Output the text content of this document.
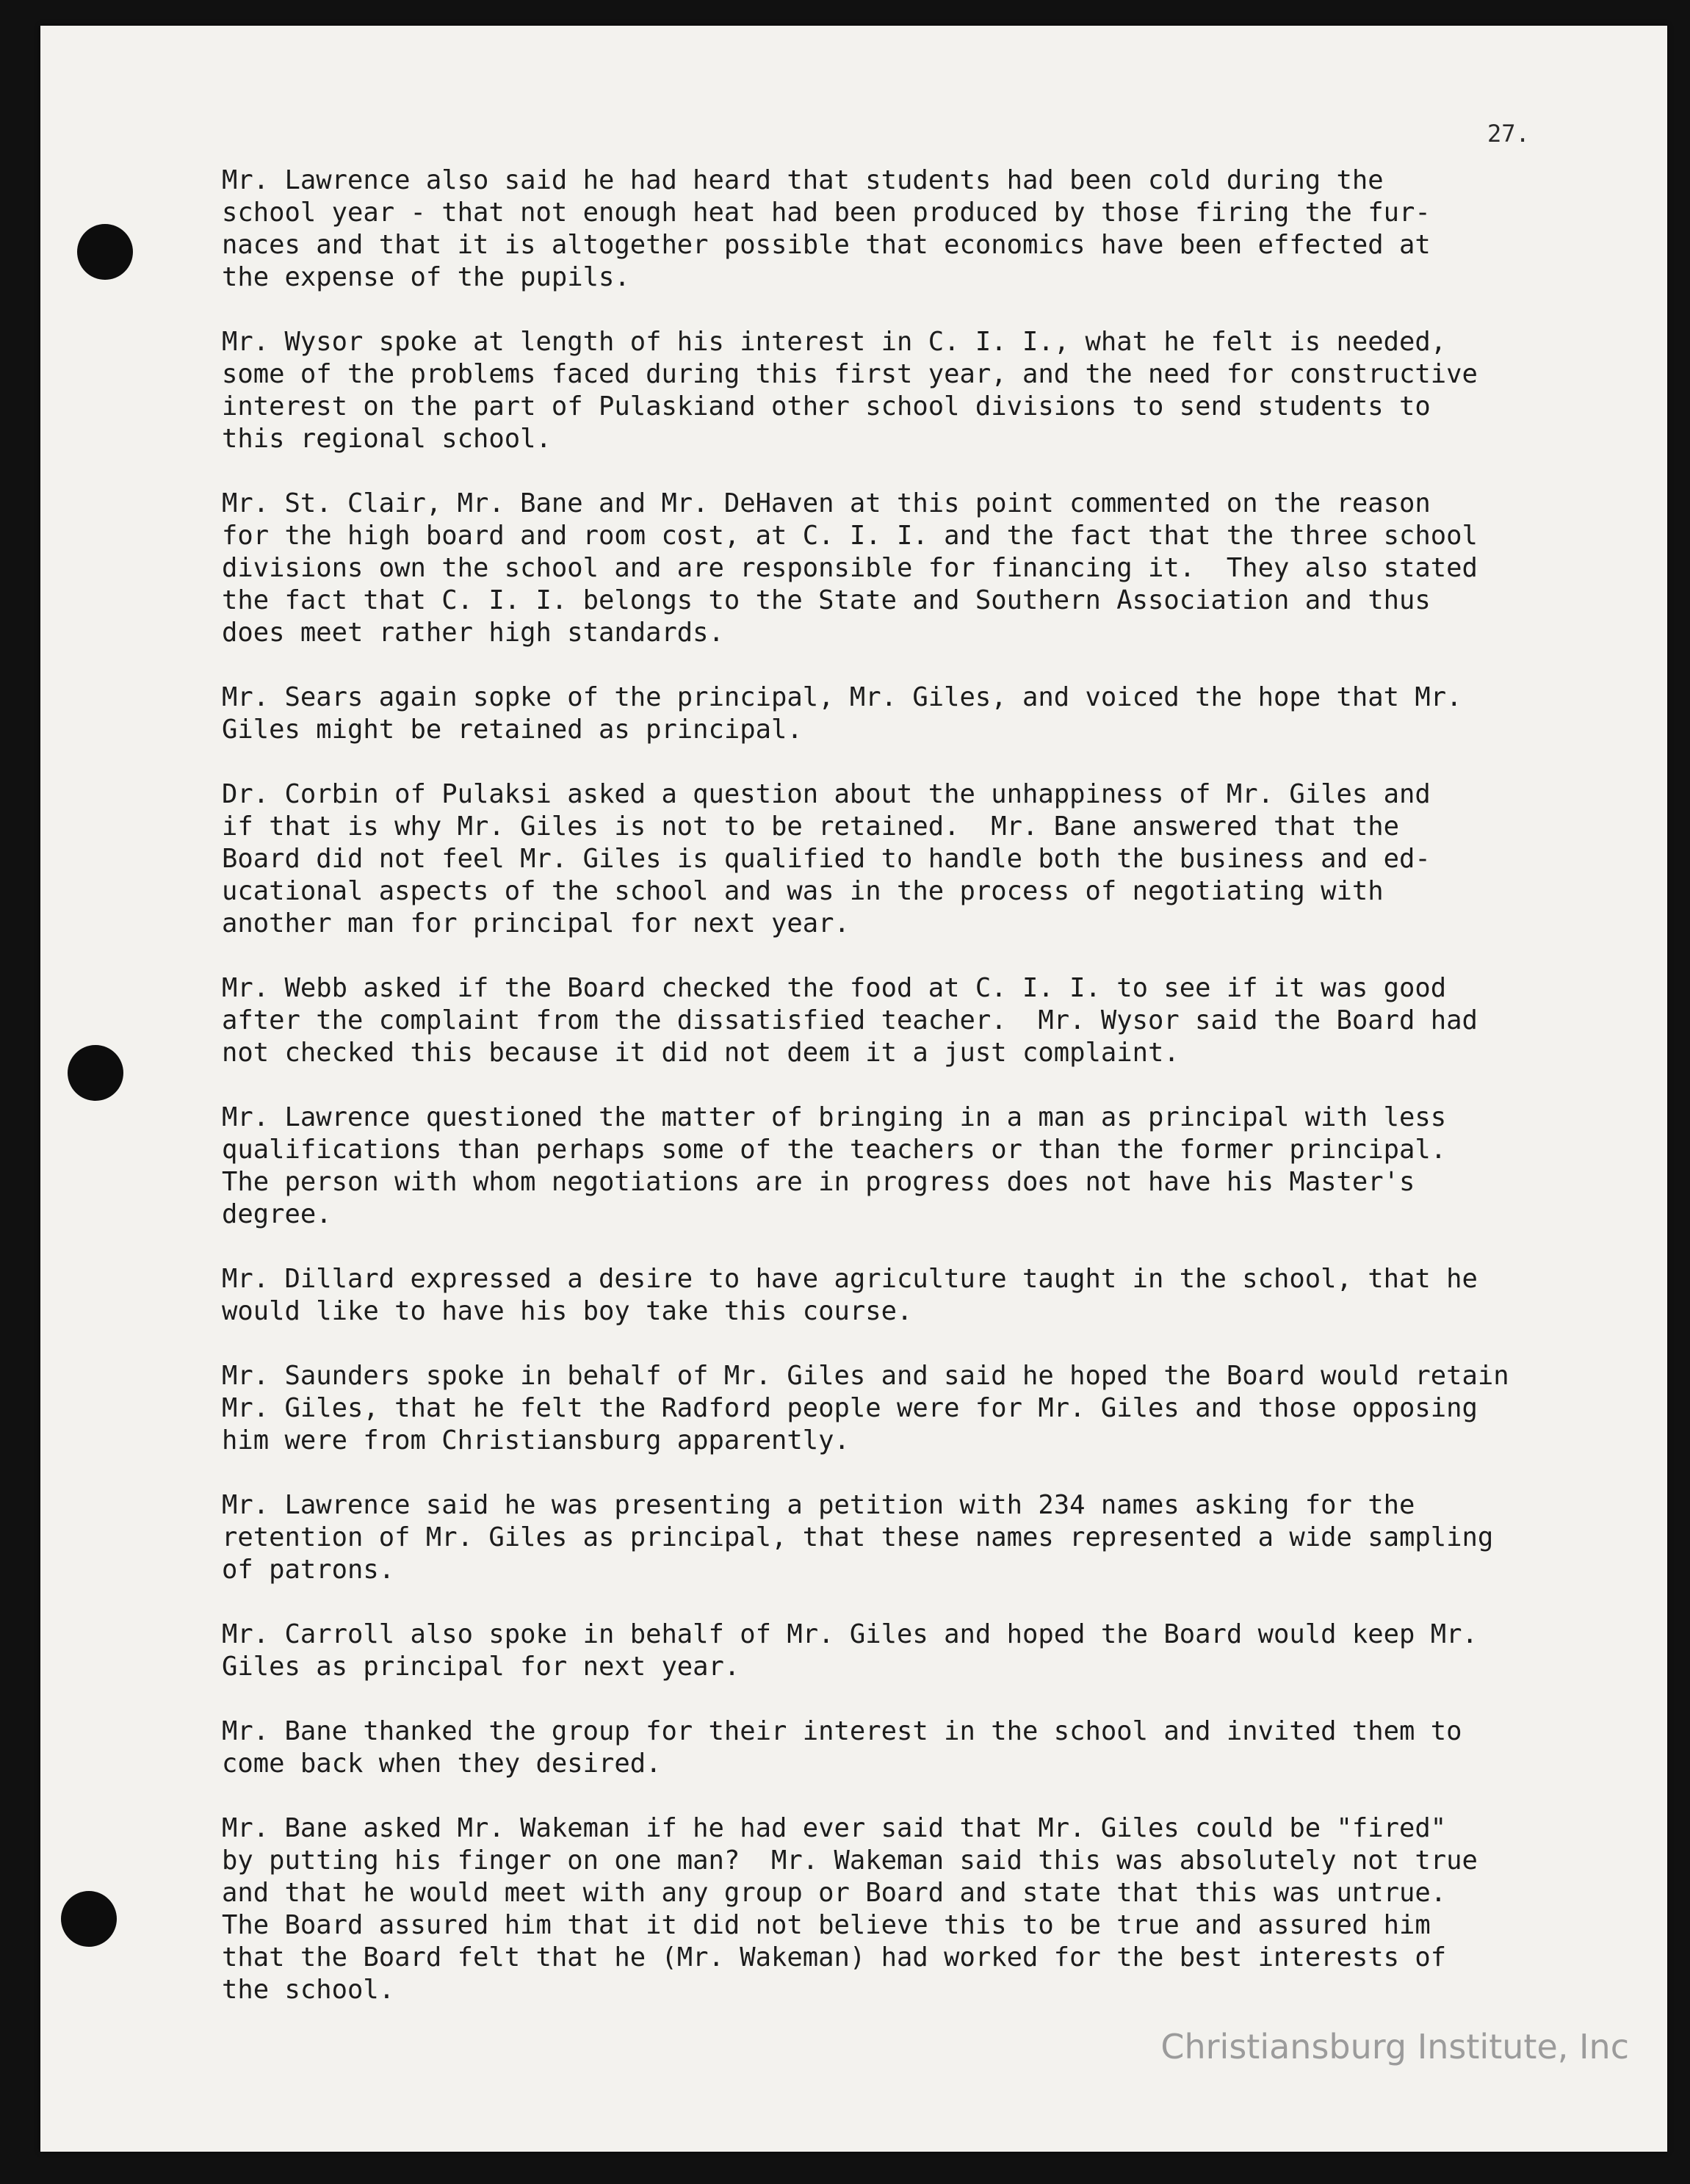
27.

Mr. Lawrence also said he had heard that students had been cold during the
school year - that not enough heat had been produced by those firing the fur-
naces and that it is altogether possible that economics have been effected at
the expense of the pupils.

Mr. Wysor spoke at length of his interest in C. I. I., what he felt is needed,
some of the problems faced during this first year, and the need for constructive
interest on the part of Pulaskiand other school divisions to send students to
this regional school.

Mr. St. Clair, Mr. Bane and Mr. DeHaven at this point commented on the reason
for the high board and room cost, at C. I. I. and the fact that the three school
divisions own the school and are responsible for financing it.  They also stated
the fact that C. I. I. belongs to the State and Southern Association and thus
does meet rather high standards.

Mr. Sears again sopke of the principal, Mr. Giles, and voiced the hope that Mr.
Giles might be retained as principal.

Dr. Corbin of Pulaksi asked a question about the unhappiness of Mr. Giles and
if that is why Mr. Giles is not to be retained.  Mr. Bane answered that the
Board did not feel Mr. Giles is qualified to handle both the business and ed-
ucational aspects of the school and was in the process of negotiating with
another man for principal for next year.

Mr. Webb asked if the Board checked the food at C. I. I. to see if it was good
after the complaint from the dissatisfied teacher.  Mr. Wysor said the Board had
not checked this because it did not deem it a just complaint.

Mr. Lawrence questioned the matter of bringing in a man as principal with less
qualifications than perhaps some of the teachers or than the former principal.
The person with whom negotiations are in progress does not have his Master's
degree.

Mr. Dillard expressed a desire to have agriculture taught in the school, that he
would like to have his boy take this course.

Mr. Saunders spoke in behalf of Mr. Giles and said he hoped the Board would retain
Mr. Giles, that he felt the Radford people were for Mr. Giles and those opposing
him were from Christiansburg apparently.

Mr. Lawrence said he was presenting a petition with 234 names asking for the
retention of Mr. Giles as principal, that these names represented a wide sampling
of patrons.

Mr. Carroll also spoke in behalf of Mr. Giles and hoped the Board would keep Mr.
Giles as principal for next year.

Mr. Bane thanked the group for their interest in the school and invited them to
come back when they desired.

Mr. Bane asked Mr. Wakeman if he had ever said that Mr. Giles could be "fired"
by putting his finger on one man?  Mr. Wakeman said this was absolutely not true
and that he would meet with any group or Board and state that this was untrue.
The Board assured him that it did not believe this to be true and assured him
that the Board felt that he (Mr. Wakeman) had worked for the best interests of
the school.

Christiansburg Institute, Inc
